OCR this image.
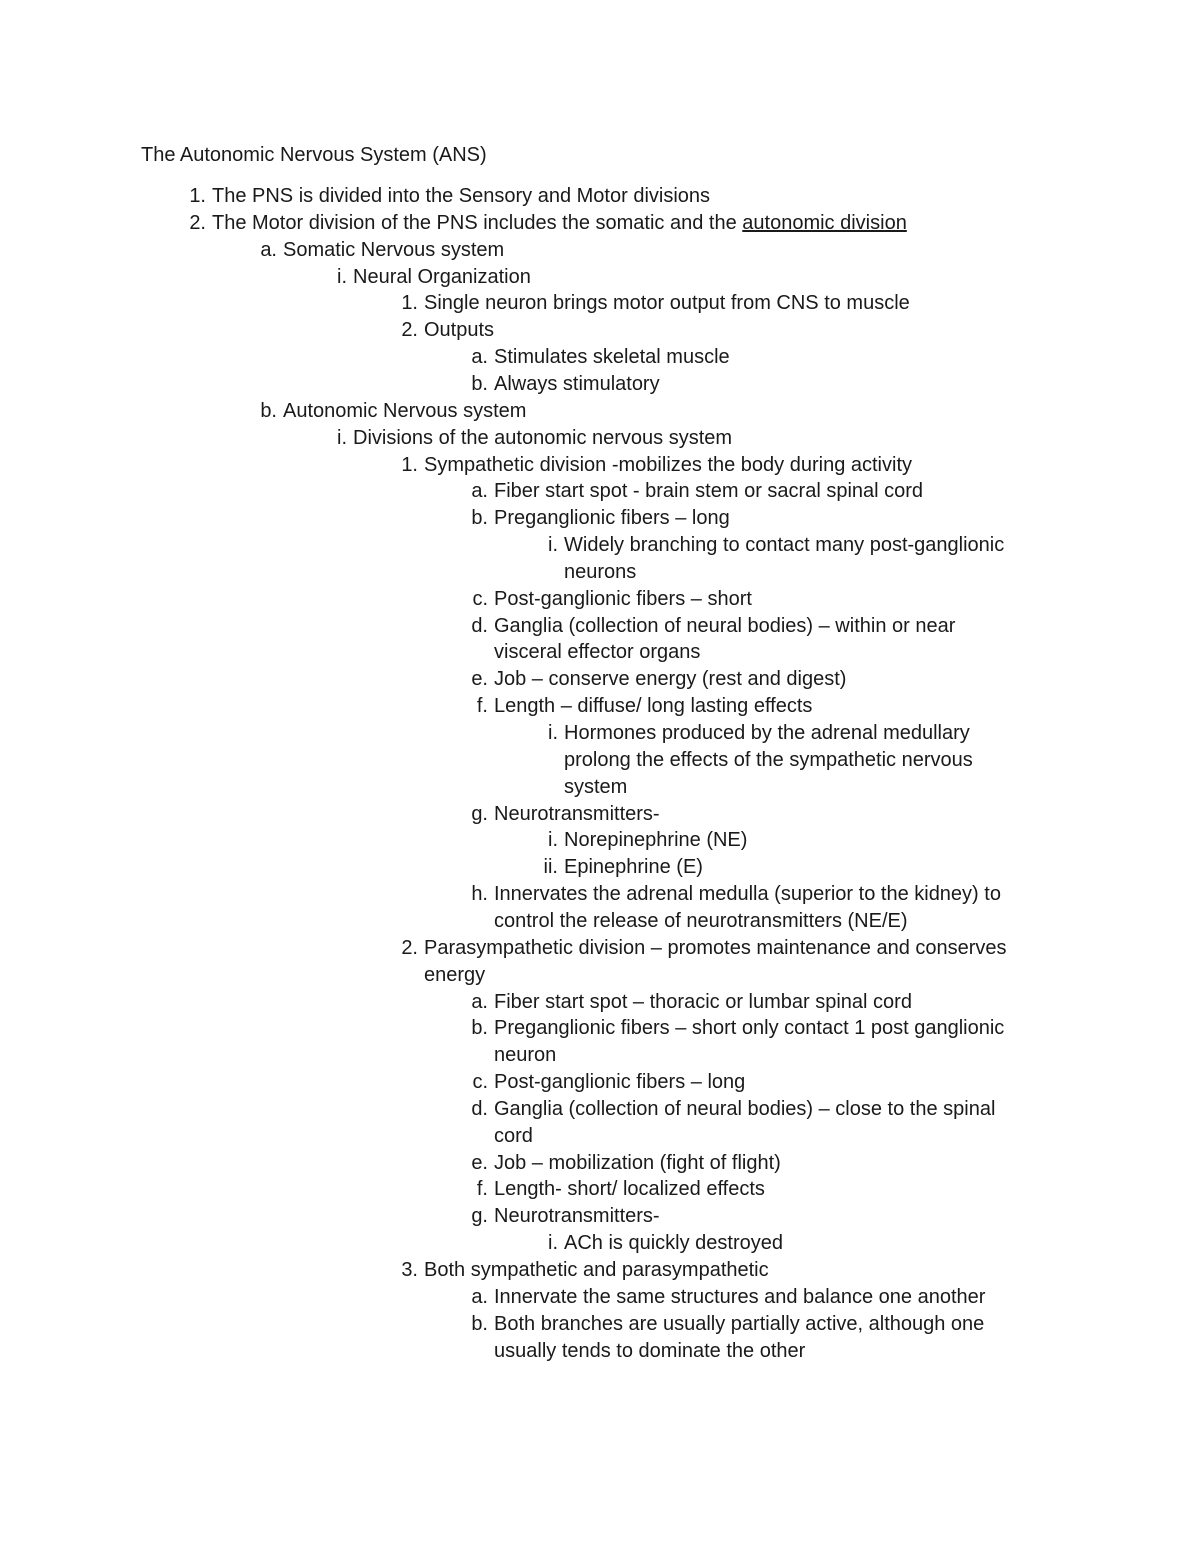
The Autonomic Nervous System (ANS)
1. The PNS is divided into the Sensory and Motor divisions
2. The Motor division of the PNS includes the somatic and the autonomic division
a. Somatic Nervous system
i. Neural Organization
1. Single neuron brings motor output from CNS to muscle
2. Outputs
a. Stimulates skeletal muscle
b. Always stimulatory
b. Autonomic Nervous system
i. Divisions of the autonomic nervous system
1. Sympathetic division -mobilizes the body during activity
a. Fiber start spot - brain stem or sacral spinal cord
b. Preganglionic fibers – long
i. Widely branching to contact many post-ganglionic
neurons
c. Post-ganglionic fibers – short
d. Ganglia (collection of neural bodies) – within or near
visceral effector organs
e. Job – conserve energy (rest and digest)
f. Length – diffuse/ long lasting effects
i. Hormones produced by the adrenal medullary
prolong the effects of the sympathetic nervous
system
g. Neurotransmitters-
i. Norepinephrine (NE)
ii. Epinephrine (E)
h. Innervates the adrenal medulla (superior to the kidney) to
control the release of neurotransmitters (NE/E)
2. Parasympathetic division – promotes maintenance and conserves
energy
a. Fiber start spot – thoracic or lumbar spinal cord
b. Preganglionic fibers – short only contact 1 post ganglionic
neuron
c. Post-ganglionic fibers – long
d. Ganglia (collection of neural bodies) – close to the spinal
cord
e. Job – mobilization (fight of flight)
f. Length- short/ localized effects
g. Neurotransmitters-
i. ACh is quickly destroyed
3. Both sympathetic and parasympathetic
a. Innervate the same structures and balance one another
b. Both branches are usually partially active, although one
usually tends to dominate the other
